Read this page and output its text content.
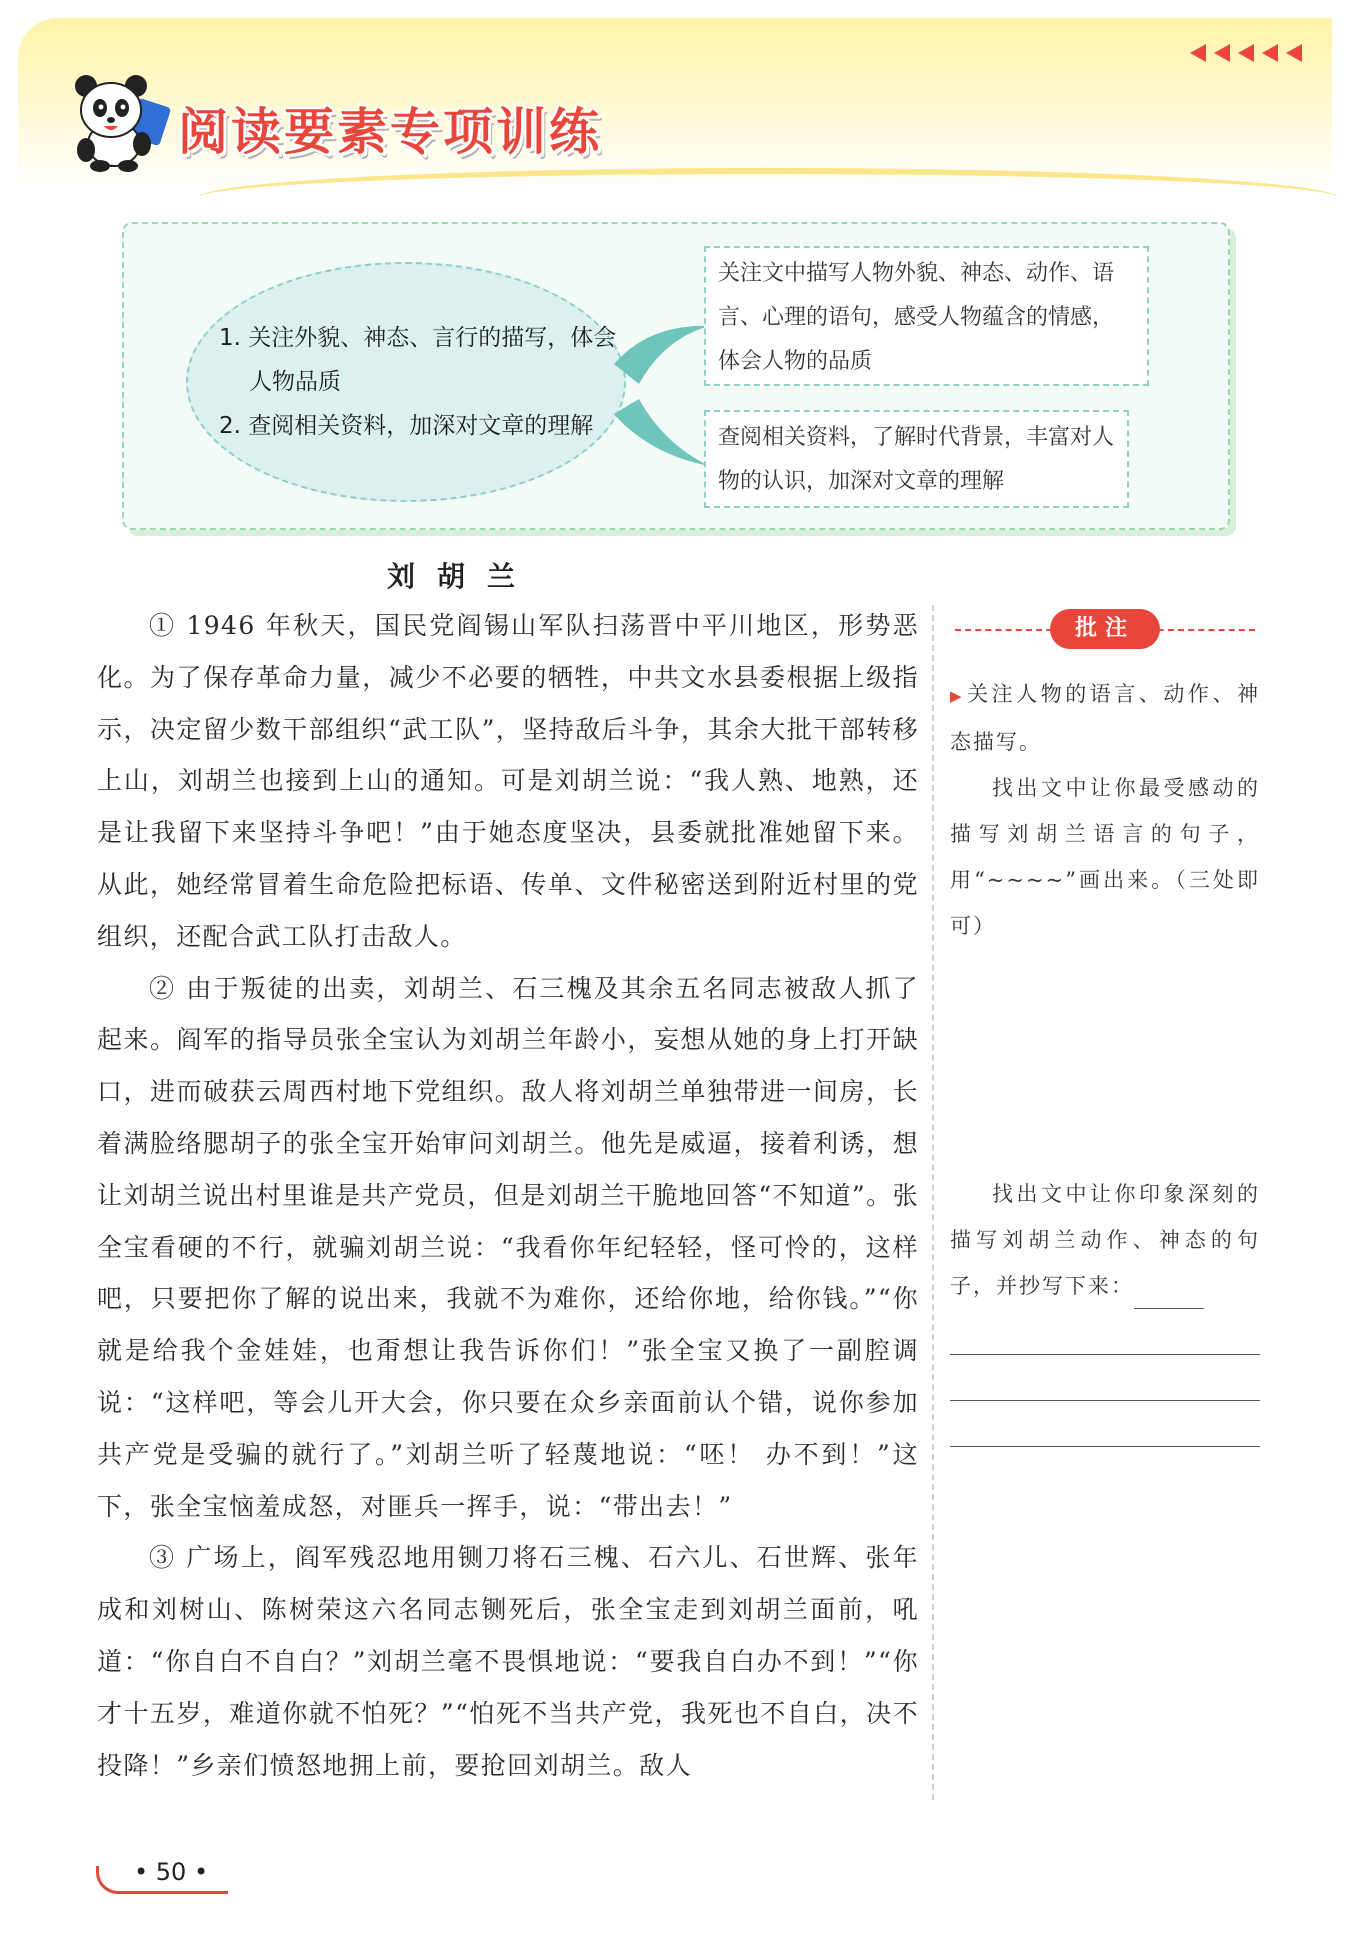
阅读要素专项训练
1. 关注外貌、神态、言行的描写，体会人物品质
2. 查阅相关资料，加深对文章的理解
关注文中描写人物外貌、神态、动作、语言、心理的语句，感受人物蕴含的情感，体会人物的品质
查阅相关资料，了解时代背景，丰富对人物的认识，加深对文章的理解
刘胡兰

① 1946 年秋天，国民党阎锡山军队扫荡晋中平川地区，形势恶化。为了保存革命力量，减少不必要的牺牲，中共文水县委根据上级指示，决定留少数干部组织“武工队”，坚持敌后斗争，其余大批干部转移上山，刘胡兰也接到上山的通知。可是刘胡兰说：“我人熟、地熟，还是让我留下来坚持斗争吧！”由于她态度坚决，县委就批准她留下来。从此，她经常冒着生命危险把标语、传单、文件秘密送到附近村里的党组织，还配合武工队打击敌人。

② 由于叛徒的出卖，刘胡兰、石三槐及其余五名同志被敌人抓了起来。阎军的指导员张全宝认为刘胡兰年龄小，妄想从她的身上打开缺口，进而破获云周西村地下党组织。敌人将刘胡兰单独带进一间房，长着满脸络腮胡子的张全宝开始审问刘胡兰。他先是威逼，接着利诱，想让刘胡兰说出村里谁是共产党员，但是刘胡兰干脆地回答“不知道”。张全宝看硬的不行，就骗刘胡兰说：“我看你年纪轻轻，怪可怜的，这样吧，只要把你了解的说出来，我就不为难你，还给你地，给你钱。”“你就是给我个金娃娃，也甭想让我告诉你们！”张全宝又换了一副腔调说：“这样吧，等会儿开大会，你只要在众乡亲面前认个错，说你参加共产党是受骗的就行了。”刘胡兰听了轻蔑地说：“呸！ 办不到！”这下，张全宝恼羞成怒，对匪兵一挥手，说：“带出去！”

③ 广场上，阎军残忍地用铡刀将石三槐、石六儿、石世辉、张年成和刘树山、陈树荣这六名同志铡死后，张全宝走到刘胡兰面前，吼道：“你自白不自白？”刘胡兰毫不畏惧地说：“要我自白办不到！”“你才十五岁，难道你就不怕死？”“怕死不当共产党，我死也不自白，决不投降！”乡亲们愤怒地拥上前，要抢回刘胡兰。敌人

批注
▶关注人物的语言、动作、神态描写。
找出文中让你最受感动的描写刘胡兰语言的句子，用“~~~~”画出来。（三处即可）
找出文中让你印象深刻的描写刘胡兰动作、神态的句子，并抄写下来：
• 50 •
